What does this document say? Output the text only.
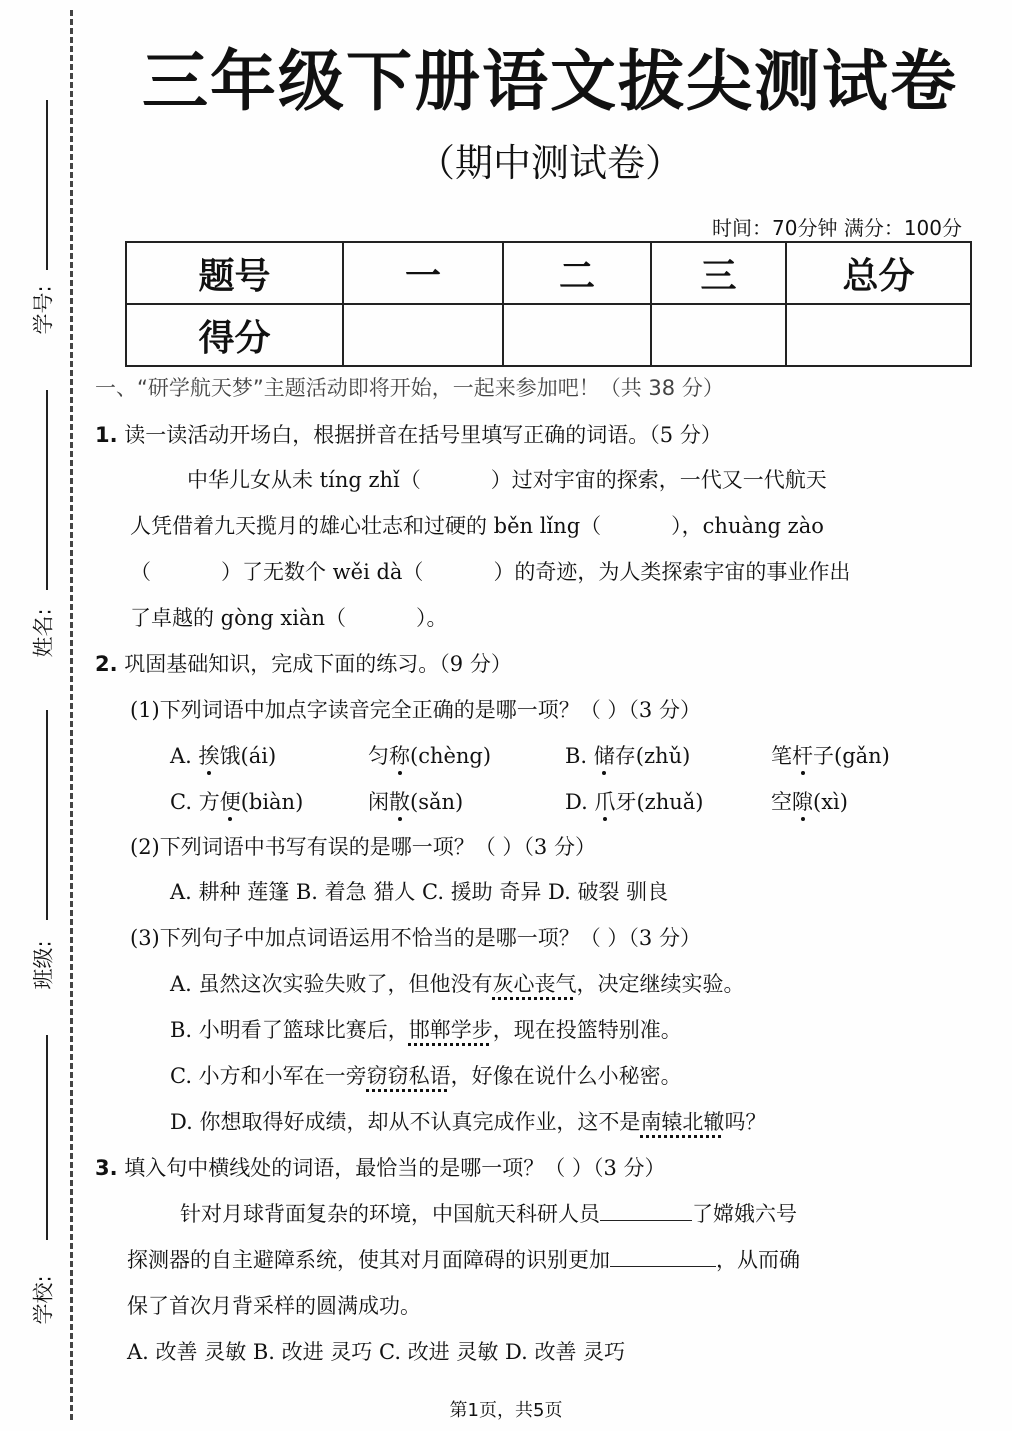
学号:
姓名:
班级:
学校:
三年级下册语文拔尖测试卷
（期中测试卷）
时间：70分钟 满分：100分
题号	一	二	三	总分
得分				
一、“研学航天梦”主题活动即将开始，一起来参加吧！（共 38 分）
1. 读一读活动开场白，根据拼音在括号里填写正确的词语。（5 分）
中华儿女从未 tíng zhǐ（	）过对宇宙的探索，一代又一代航天
人凭借着九天揽月的雄心壮志和过硬的 běn lǐng（	），chuàng zào
（	）了无数个 wěi dà（	）的奇迹，为人类探索宇宙的事业作出
了卓越的 gòng xiàn（	）。
2. 巩固基础知识，完成下面的练习。（9 分）
(1)下列词语中加点字读音完全正确的是哪一项？（ ）（3 分）
A. 挨饿(ái)	匀称(chèng)	B. 储存(zhǔ)	笔杆子(gǎn)
C. 方便(biàn)	闲散(sǎn)	D. 爪牙(zhuǎ)	空隙(xì)
(2)下列词语中书写有误的是哪一项？（ ）（3 分）
A. 耕种 莲篷 B. 着急 猎人 C. 援助 奇异 D. 破裂 驯良
(3)下列句子中加点词语运用不恰当的是哪一项？（ ）（3 分）
A. 虽然这次实验失败了，但他没有灰心丧气，决定继续实验。
B. 小明看了篮球比赛后，邯郸学步，现在投篮特别准。
C. 小方和小军在一旁窃窃私语，好像在说什么小秘密。
D. 你想取得好成绩，却从不认真完成作业，这不是南辕北辙吗？
3. 填入句中横线处的词语，最恰当的是哪一项？（ ）（3 分）
针对月球背面复杂的环境，中国航天科研人员	了嫦娥六号
探测器的自主避障系统，使其对月面障碍的识别更加	，从而确
保了首次月背采样的圆满成功。
A. 改善 灵敏 B. 改进 灵巧 C. 改进 灵敏 D. 改善 灵巧
第1页，共5页
